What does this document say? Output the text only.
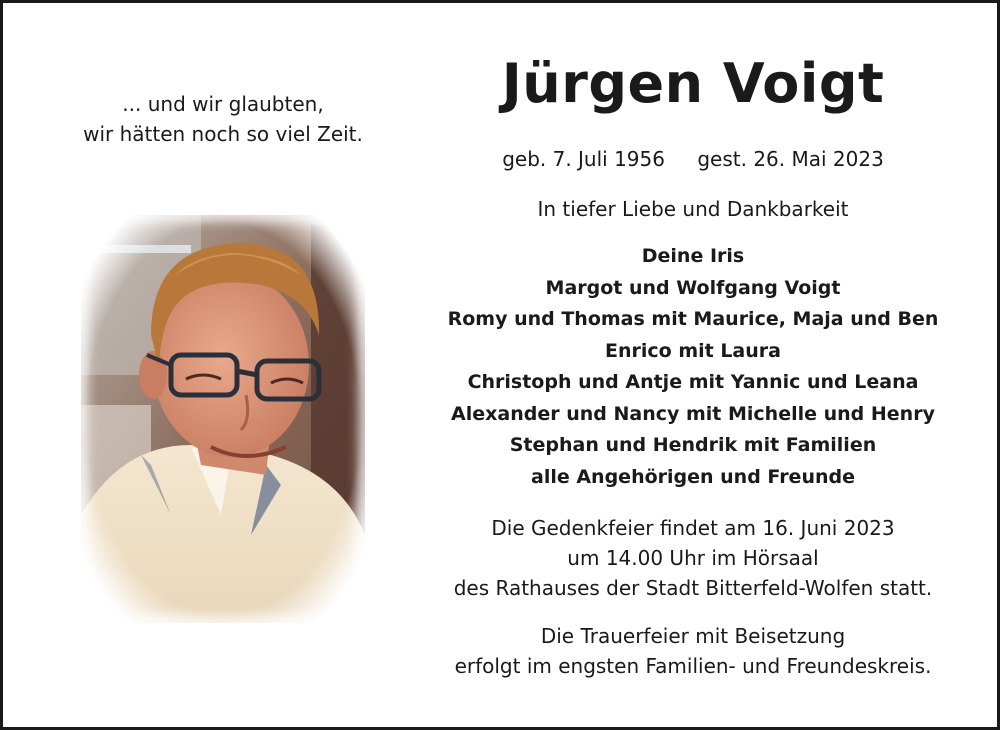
... und wir glaubten,
wir hätten noch so viel Zeit.
Jürgen Voigt
geb. 7. Juli 1956 gest. 26. Mai 2023
In tiefer Liebe und Dankbarkeit
Deine Iris
Margot und Wolfgang Voigt
Romy und Thomas mit Maurice, Maja und Ben
Enrico mit Laura
Christoph und Antje mit Yannic und Leana
Alexander und Nancy mit Michelle und Henry
Stephan und Hendrik mit Familien
alle Angehörigen und Freunde
Die Gedenkfeier findet am 16. Juni 2023
um 14.00 Uhr im Hörsaal
des Rathauses der Stadt Bitterfeld-Wolfen statt.
Die Trauerfeier mit Beisetzung
erfolgt im engsten Familien- und Freundeskreis.
